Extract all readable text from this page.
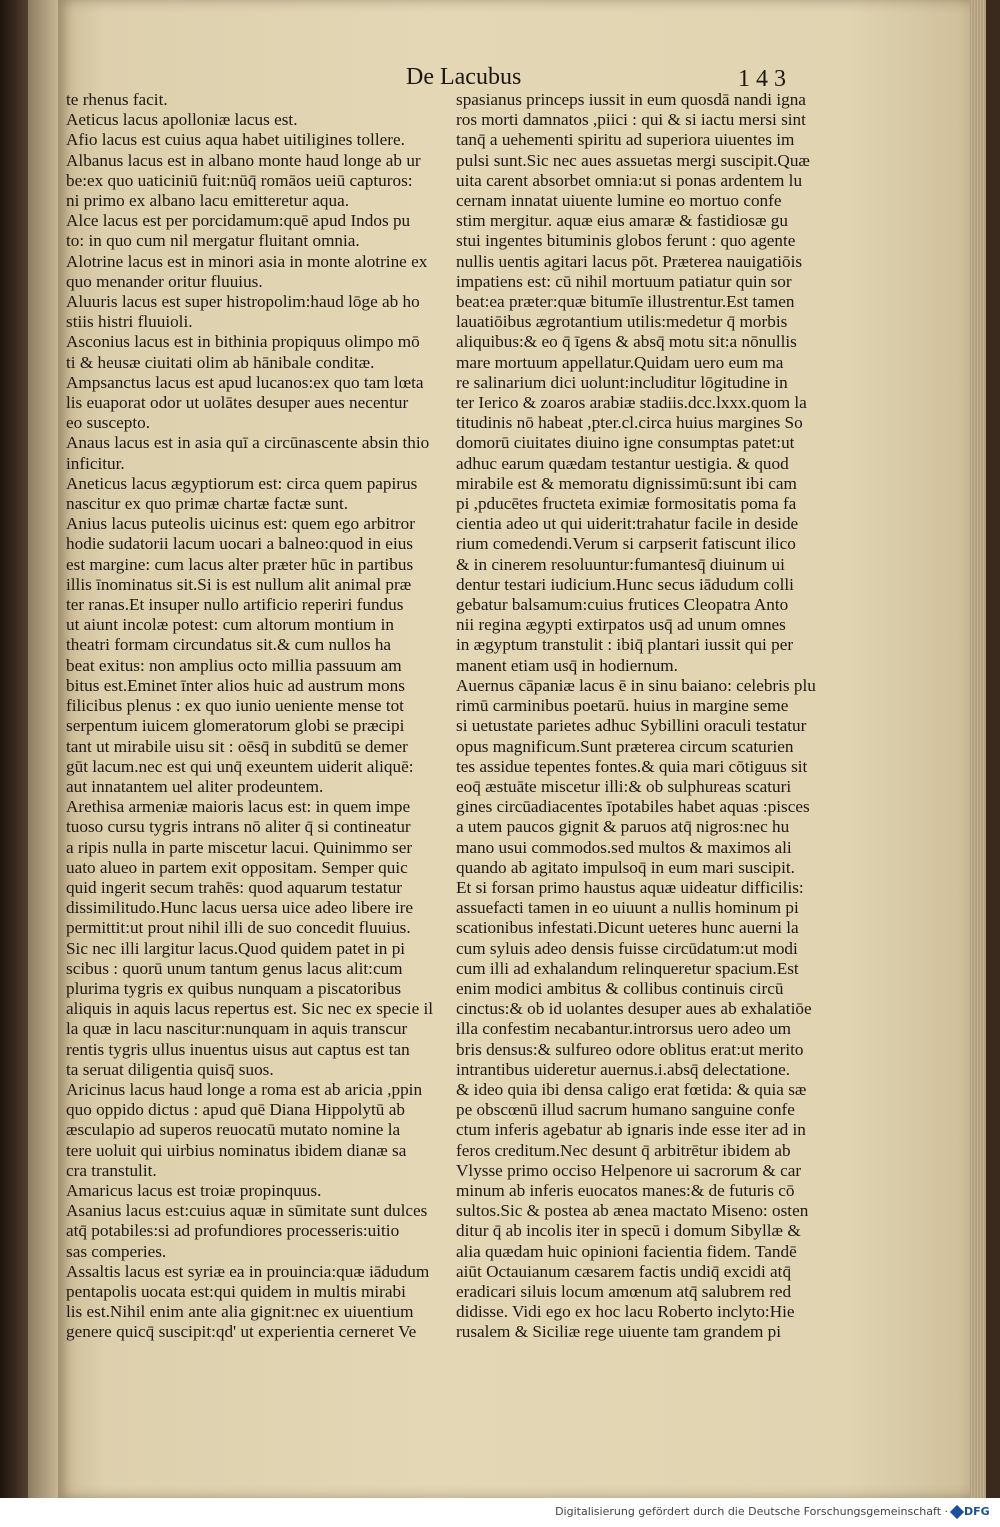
De Lacubus	1 4 3
te rhenus facit.
Aeticus lacus apolloniæ lacus est.
Afio lacus est cuius aqua habet uitiligines tollere.
Albanus lacus est in albano monte haud longe ab ur
be:ex quo uaticiniū fuit:nūq̄ romāos ueiū capturos:
ni primo ex albano lacu emitteretur aqua.
Alce lacus est per porcidamum:quē apud Indos pu
to: in quo cum nil mergatur fluitant omnia.
Alotrine lacus est in minori asia in monte alotrine ex
quo menander oritur fluuius.
Aluuris lacus est super histropolim:haud lōge ab ho
stiis histri fluuioli.
Asconius lacus est in bithinia propiquus olimpo mō
ti & heusæ ciuitati olim ab hānibale conditæ.
Ampsanctus lacus est apud lucanos:ex quo tam lœta
lis euaporat odor ut uolātes desuper aues necentur
eo suscepto.
Anaus lacus est in asia quī a circūnascente absin thio
inficitur.
Aneticus lacus ægyptiorum est: circa quem papirus
nascitur ex quo primæ chartæ factæ sunt.
Anius lacus puteolis uicinus est: quem ego arbitror
hodie sudatorii lacum uocari a balneo:quod in eius
est margine: cum lacus alter præter hūc in partibus
illis īnominatus sit.Si is est nullum alit animal præ
ter ranas.Et insuper nullo artificio reperiri fundus
ut aiunt incolæ potest: cum altorum montium in
theatri formam circundatus sit.& cum nullos ha
beat exitus: non amplius octo millia passuum am
bitus est.Eminet īnter alios huic ad austrum mons
filicibus plenus : ex quo iunio ueniente mense tot
serpentum iuicem glomeratorum globi se præcipi
tant ut mirabile uisu sit : oēsq̄ in subditū se demer
gūt lacum.nec est qui unq̄ exeuntem uiderit aliquē:
aut innatantem uel aliter prodeuntem.
Arethisa armeniæ maioris lacus est: in quem impe
tuoso cursu tygris intrans nō aliter q̄ si contineatur
a ripis nulla in parte miscetur lacui. Quinimmo ser
uato alueo in partem exit oppositam. Semper quic
quid ingerit secum trahēs: quod aquarum testatur
dissimilitudo.Hunc lacus uersa uice adeo libere ire
permittit:ut prout nihil illi de suo concedit fluuius.
Sic nec illi largitur lacus.Quod quidem patet in pi
scibus : quorū unum tantum genus lacus alit:cum
plurima tygris ex quibus nunquam a piscatoribus
aliquis in aquis lacus repertus est. Sic nec ex specie il
la quæ in lacu nascitur:nunquam in aquis transcur
rentis tygris ullus inuentus uisus aut captus est tan
ta seruat diligentia quisq̄ suos.
Aricinus lacus haud longe a roma est ab aricia ,ppin
quo oppido dictus : apud quē Diana Hippolytū ab
æsculapio ad superos reuocatū mutato nomine la
tere uoluit qui uirbius nominatus ibidem dianæ sa
cra transtulit.
Amaricus lacus est troiæ propinquus.
Asanius lacus est:cuius aquæ in sūmitate sunt dulces
atq̄ potabiles:si ad profundiores processeris:uitio
sas comperies.
Assaltis lacus est syriæ ea in prouincia:quæ iādudum
pentapolis uocata est:qui quidem in multis mirabi
lis est.Nihil enim ante alia gignit:nec ex uiuentium
genere quicq̄ suscipit:qd' ut experientia cerneret Ve
spasianus princeps iussit in eum quosdā nandi igna
ros morti damnatos ,piici : qui & si iactu mersi sint
tanq̄ a uehementi spiritu ad superiora uiuentes im
pulsi sunt.Sic nec aues assuetas mergi suscipit.Quæ
uita carent absorbet omnia:ut si ponas ardentem lu
cernam innatat uiuente lumine eo mortuo confe
stim mergitur. aquæ eius amaræ & fastidiosæ gu
stui ingentes bituminis globos ferunt : quo agente
nullis uentis agitari lacus pōt. Præterea nauigatiōis
impatiens est: cū nihil mortuum patiatur quin sor
beat:ea præter:quæ bitumīe illustrentur.Est tamen
lauatiōibus ægrotantium utilis:medetur q̄ morbis
aliquibus:& eo q̄ īgens & absq̄ motu sit:a nōnullis
mare mortuum appellatur.Quidam uero eum ma
re salinarium dici uolunt:includitur lōgitudine in
ter Ierico & zoaros arabiæ stadiis.dcc.lxxx.quom la
titudinis nō habeat ,pter.cl.circa huius margines So
domorū ciuitates diuino igne consumptas patet:ut
adhuc earum quædam testantur uestigia. & quod
mirabile est & memoratu dignissimū:sunt ibi cam
pi ,pducētes fructeta eximiæ formositatis poma fa
cientia adeo ut qui uiderit:trahatur facile in deside
rium comedendi.Verum si carpserit fatiscunt ilico
& in cinerem resoluuntur:fumantesq̄ diuinum ui
dentur testari iudicium.Hunc secus iādudum colli
gebatur balsamum:cuius frutices Cleopatra Anto
nii regina ægypti extirpatos usq̄ ad unum omnes
in ægyptum transtulit : ibiq̄ plantari iussit qui per
manent etiam usq̄ in hodiernum.
Auernus cāpaniæ lacus ē in sinu baiano: celebris plu
rimū carminibus poetarū. huius in margine seme
si uetustate parietes adhuc Sybillini oraculi testatur
opus magnificum.Sunt præterea circum scaturien
tes assidue tepentes fontes.& quia mari cōtiguus sit
eoq̄ æstuāte miscetur illi:& ob sulphureas scaturi
gines circūadiacentes īpotabiles habet aquas :pisces
a utem paucos gignit & paruos atq̄ nigros:nec hu
mano usui commodos.sed multos & maximos ali
quando ab agitato impulsoq̄ in eum mari suscipit.
Et si forsan primo haustus aquæ uideatur difficilis:
assuefacti tamen in eo uiuunt a nullis hominum pi
scationibus infestati.Dicunt ueteres hunc auerni la
cum syluis adeo densis fuisse circūdatum:ut modi
cum illi ad exhalandum relinqueretur spacium.Est
enim modici ambitus & collibus continuis circū
cinctus:& ob id uolantes desuper aues ab exhalatiōe
illa confestim necabantur.introrsus uero adeo um
bris densus:& sulfureo odore oblitus erat:ut merito
intrantibus uideretur auernus.i.absq̄ delectatione.
& ideo quia ibi densa caligo erat fœtida: & quia sæ
pe obscœnū illud sacrum humano sanguine confe
ctum inferis agebatur ab ignaris inde esse iter ad in
feros creditum.Nec desunt q̄ arbitrētur ibidem ab
Vlysse primo occiso Helpenore ui sacrorum & car
minum ab inferis euocatos manes:& de futuris cō
sultos.Sic & postea ab ænea mactato Miseno: osten
ditur q̄ ab incolis iter in specū i domum Sibyllæ &
alia quædam huic opinioni facientia fidem. Tandē
aiūt Octauianum cæsarem factis undiq̄ excidi atq̄
eradicari siluis locum amœnum atq̄ salubrem red
didisse. Vidi ego ex hoc lacu Roberto inclyto:Hie
rusalem & Siciliæ rege uiuente tam grandem pi
Digitalisierung gefördert durch die Deutsche Forschungsgemeinschaft ·	DFG
